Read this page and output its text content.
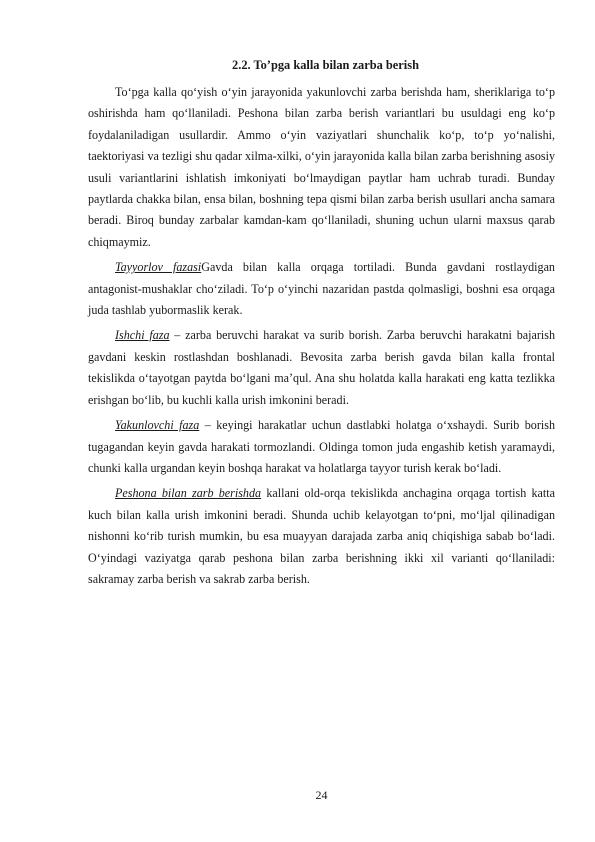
2.2. To’pga kalla bilan zarba berish

To‘pga kalla qo‘yish o‘yin jarayonida yakunlovchi zarba berishda ham, sheriklariga to‘p oshirishda ham qo‘llaniladi. Peshona bilan zarba berish variantlari bu usuldagi eng ko‘p foydalaniladigan usullardir. Ammo o‘yin vaziyatlari shunchalik ko‘p, to‘p yo‘nalishi, taektoriyasi va tezligi shu qadar xilma-xilki, o‘yin jarayonida kalla bilan zarba berishning asosiy usuli variantlarini ishlatish imkoniyati bo‘lmaydigan paytlar ham uchrab turadi. Bunday paytlarda chakka bilan, ensa bilan, boshning tepa qismi bilan zarba berish usullari ancha samara beradi. Biroq bunday zarbalar kamdan-kam qo‘llaniladi, shuning uchun ularni maxsus qarab chiqmaymiz.

Tayyorlov fazasiGavda bilan kalla orqaga tortiladi. Bunda gavdani rostlaydigan antagonist-mushaklar cho‘ziladi. To‘p o‘yinchi nazaridan pastda qolmasligi, boshni esa orqaga juda tashlab yubormaslik kerak.

Ishchi faza – zarba beruvchi harakat va surib borish. Zarba beruvchi harakatni bajarish gavdani keskin rostlashdan boshlanadi. Bevosita zarba berish gavda bilan kalla frontal tekislikda o‘tayotgan paytda bo‘lgani ma’qul. Ana shu holatda kalla harakati eng katta tezlikka erishgan bo‘lib, bu kuchli kalla urish imkonini beradi.

Yakunlovchi faza – keyingi harakatlar uchun dastlabki holatga o‘xshaydi. Surib borish tugagandan keyin gavda harakati tormozlandi. Oldinga tomon juda engashib ketish yaramaydi, chunki kalla urgandan keyin boshqa harakat va holatlarga tayyor turish kerak bo‘ladi.

Peshona bilan zarb berishda kallani old-orqa tekislikda anchagina orqaga tortish katta kuch bilan kalla urish imkonini beradi. Shunda uchib kelayotgan to‘pni, mo‘ljal qilinadigan nishonni ko‘rib turish mumkin, bu esa muayyan darajada zarba aniq chiqishiga sabab bo‘ladi. O‘yindagi vaziyatga qarab peshona bilan zarba berishning ikki xil varianti qo‘llaniladi: sakramay zarba berish va sakrab zarba berish.

24
